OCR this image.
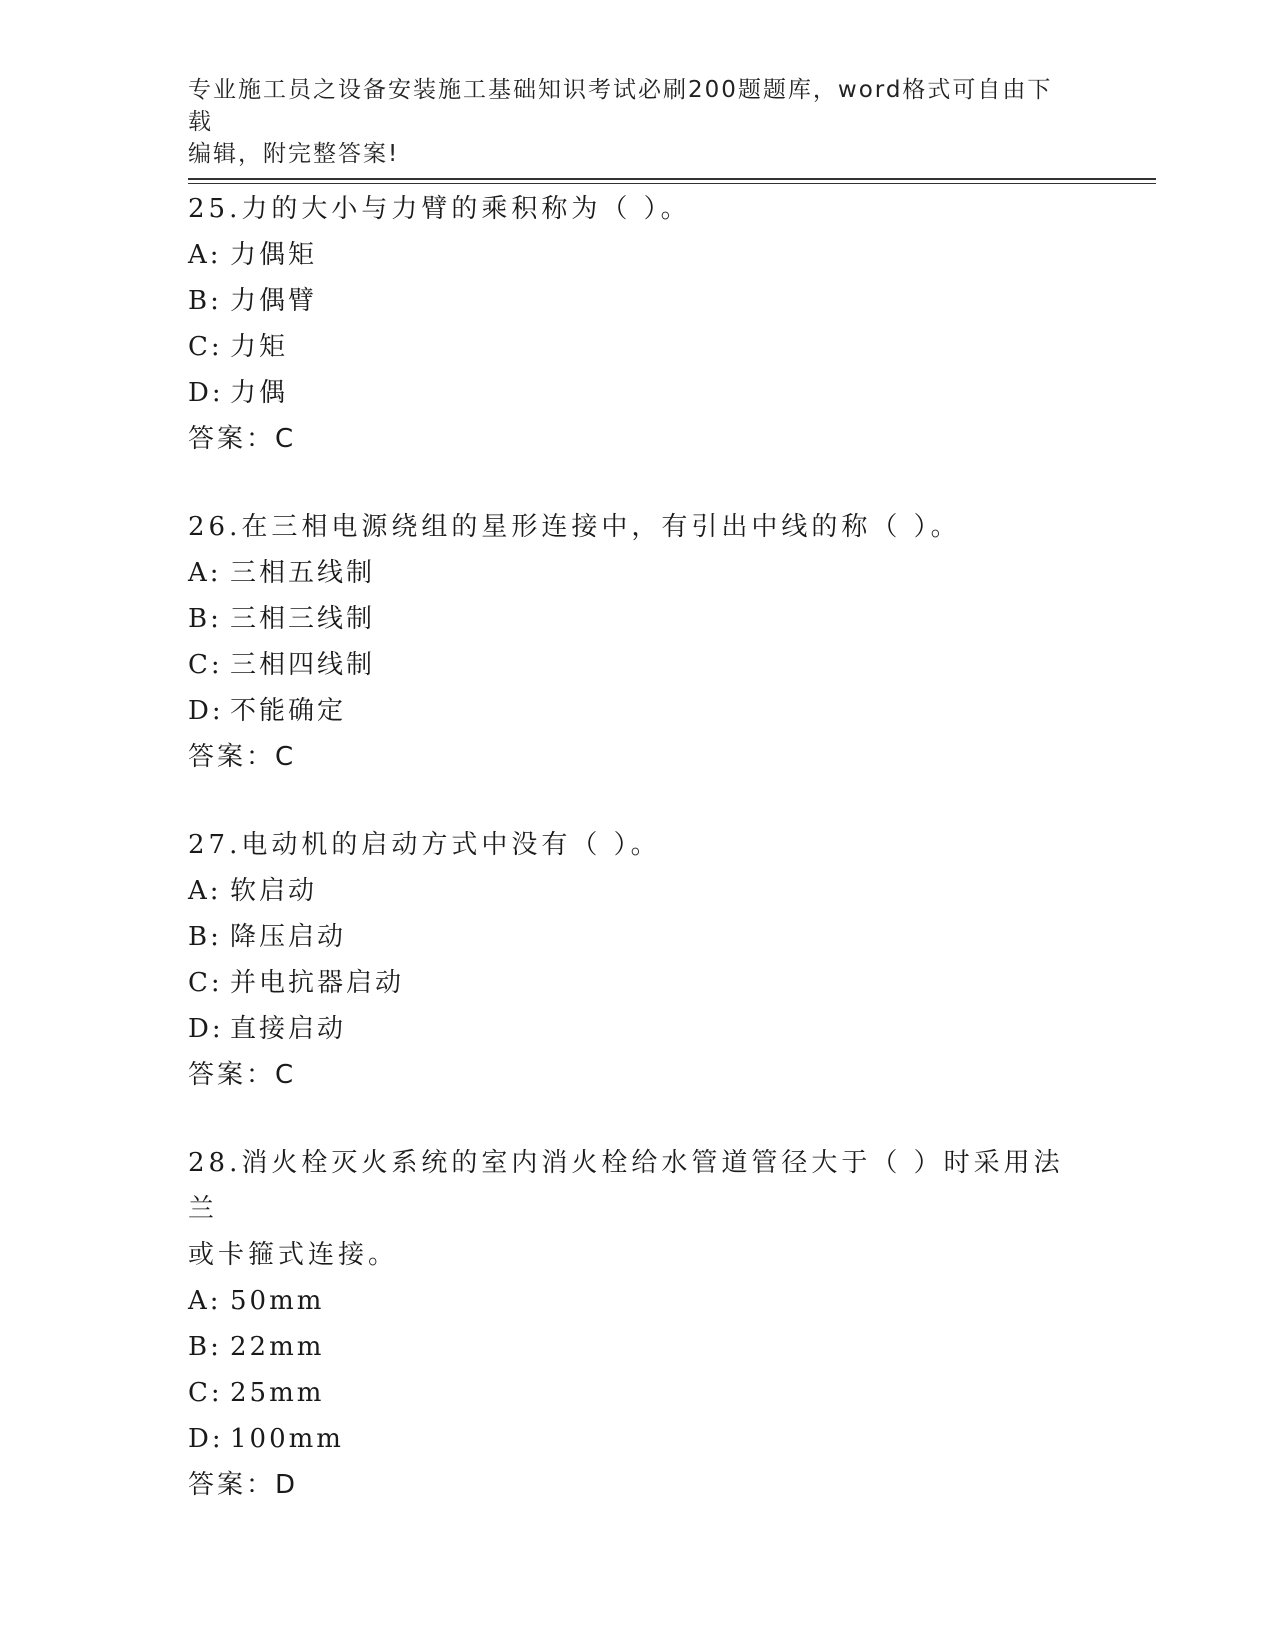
专业施工员之设备安装施工基础知识考试必刷200题题库，word格式可自由下载
编辑，附完整答案!
25.力的大小与力臂的乘积称为（ ）。
A: 力偶矩
B: 力偶臂
C: 力矩
D: 力偶
答案：C
26.在三相电源绕组的星形连接中，有引出中线的称（ ）。
A: 三相五线制
B: 三相三线制
C: 三相四线制
D: 不能确定
答案：C
27.电动机的启动方式中没有（ ）。
A: 软启动
B: 降压启动
C: 并电抗器启动
D: 直接启动
答案：C
28.消火栓灭火系统的室内消火栓给水管道管径大于（ ）时采用法兰
或卡箍式连接。
A: 50mm
B: 22mm
C: 25mm
D: 100mm
答案：D
